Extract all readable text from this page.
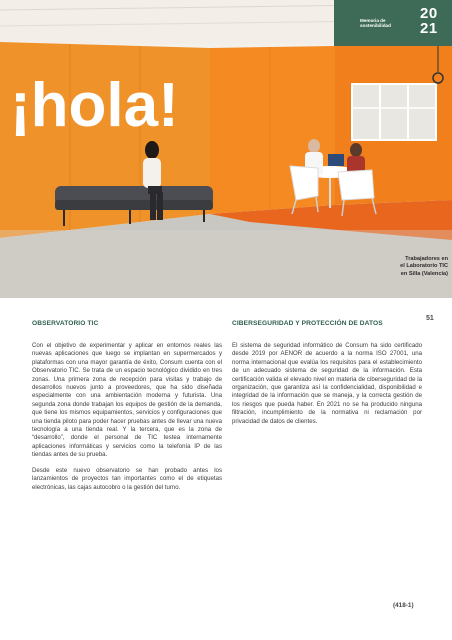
¡hola!
Memoria de sostenibilidad
20
21
Trabajadores en
el Laboratorio TIC
en Silla (Valencia)
51
OBSERVATORIO TIC

Con el objetivo de experimentar y aplicar en entornos reales las nuevas aplicaciones que luego se implantan en supermercados y plataformas con una mayor garantía de éxito, Consum cuenta con el Observatorio TIC. Se trata de un espacio tecnológico dividido en tres zonas. Una primera zona de recepción para visitas y trabajo de desarrollos nuevos junto a proveedores, que ha sido diseñada especialmente con una ambientación moderna y futurista. Una segunda zona donde trabajan los equipos de gestión de la demanda, que tiene los mismos equipamientos, servicios y configuraciones que una tienda piloto para poder hacer pruebas antes de llevar una nueva tecnología a una tienda real. Y la tercera, que es la zona de “desarrollo”, donde el personal de TIC testea internamente aplicaciones informáticas y servicios como la telefonía IP de las tiendas antes de su prueba.

Desde este nuevo observatorio se han probado antes los lanzamientos de proyectos tan importantes como el de etiquetas electrónicas, las cajas autocobro o la gestión del turno.

CIBERSEGURIDAD Y PROTECCIÓN DE DATOS

El sistema de seguridad informático de Consum ha sido certificado desde 2019 por AENOR de acuerdo a la norma ISO 27001, una norma internacional que evalúa los requisitos para el establecimiento de un adecuado sistema de seguridad de la información. Esta certificación valida el elevado nivel en materia de ciberseguridad de la organización, que garantiza así la confidencialidad, disponibilidad e integridad de la información que se maneja, y la correcta gestión de los riesgos que pueda haber. En 2021 no se ha producido ninguna filtración, incumplimiento de la normativa ni reclamación por privacidad de datos de clientes.

(418-1)
